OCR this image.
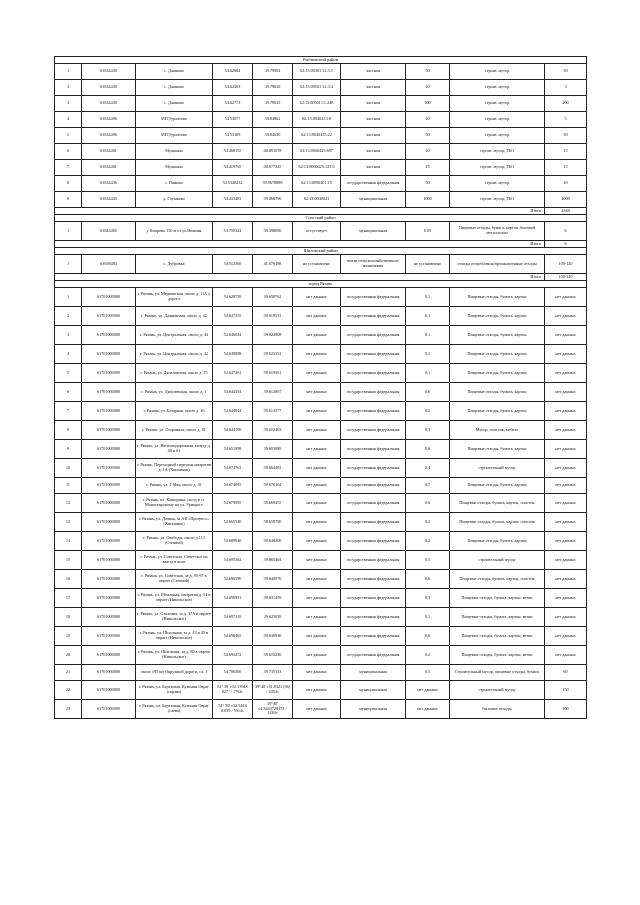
Рыбновский район									
1	61634430	с. Дашково	54.62602	39.79904	62:13:00301:12:5:1	частная	50	строит. мусор	50
2	61634430	с. Дашково	54.62463	39.79630	62:13:00501:12:3:4	частная	20	строит. мусор	3
3	61634430	с. Дашково	54.62773	39.79635	62:13:00501:11:248	частная	300	строит. мусор	200
4	61634496	МП Турлатово	54.53077	39.84862	62:13:0040413:8	частная	20	строит. мусор	5
5	61634496	МП Турлатово	54.53109	39.84630	62:13:0040415:22	частная	50	строит. мусор	50
6	61634401	Мушкино	54.468355	40.081078	62:13:0060425:697	частная	20	строит. мусор, ТБО	15
7	61634401	Мушкино	54.419765	40.677345	62:13:0060425:123 0	частная	25	строит. мусор, ТБО	15
8	61634436	с. Панино	54.5340232	39.9678889	62:13:0090401:19	государственная федеральная	50	строит. мусор	10
9	61634445	д. Глушково	54.433483	39.866796	62:13:0040023	муниципальная	1000	строит. мусор, ТБО	4000
Итого									4348
Спасский район									
1	61644465	у Кипрово 150 м от ул.Нижняя	53.759324	39.398096	отсутствует	муниципальная	0.05	Пищевые отходы, бумага, картон, бытовой металлолом	6
Итого									6
Шиловский район									
1	61658484	с. Дубровка	54.512360	41.076188	не установлено	земли сельскохозяйственного назначения	не установлено	отходы потребления/промышленные отходы	100-120
Итого									100-120
город Рязань									
1	61701000000	г. Рязань, ул. Мервинская, около д. 11А у дорога	54.628759	39.658762	нет данных	государственная федеральная	0,1	Пищевые отходы, бумага, картон	нет данных
2	61701000000	г. Рязань, ул. Дачниковая, около д. 42	54.647355	39.619533	нет данных	государственная федеральная	0,1	Пищевые отходы, бумага, картон	нет данных
3	61701000000	г. Рязань, ул. Центральная, около д. 44	54.646634	39.622808	нет данных	государственная федеральная	0,1	Пищевые отходы, бумага, картон	нет данных
4	61701000000	г. Рязань, ул. Центральная, около д. 42	54.649098	39.623152	нет данных	государственная федеральная	0,1	Пищевые отходы, бумага, картон	нет данных
5	61701000000	г. Рязань, ул. Дягилевская, около д. 75	54.647261	39.619501	нет данных	государственная федеральная	0,1	Пищевые отходы, бумага, картон	нет данных
6	61701000000	г. Рязань, ул. Дягилевская, около д. 1	54.644354	39.612867	нет данных	государственная федеральная	0,6	Пищевые отходы, бумага, картон	нет данных
7	61701000000	г. Рязань, ул. Базарная, около д. 16	54.644844	39.614377	нет данных	государственная федеральная	0,2	Пищевые отходы, бумага, картон	нет данных
8	61701000000	г. Рязань, ул. Старанная, около д. 81	54.644196	39.612403	нет данных	государственная федеральная	0,3	Мусор, пластик, мебель	нет данных
9	61701000000	г. Рязань, ул. Железнодорожная, между д. 46 и 61	54.651998	39.603089	нет данных	государственная федеральная	0,6	Пищевые отходы, бумага, картон	нет данных
10	61701000000	г. Рязань, Переходный переулок,напротив д. 1А (Хиппинко)	54.672763	39.664493	нет данных	государственная федеральная	0,4	строительный мусор	нет данных
11	61701000000	г. Рязань, ул. 1 Мая, около д. 41	54.674095	39.670104	нет данных	государственная федеральная	0,7	Пищевые отходы, бумага, картон	нет данных
12	61701000000	г. Рязань, пл. Каширина, съезд в ст. Монастырскому на ул. Урицкого	54.679095	39.669455	нет данных	государственная федеральная	0,6	Пищевые отходы, бумага, картон, пластик	нет данных
13	61701000000	г. Рязань, ул. Дачная, за АК «Прогресс» (Хиппинко)	54.665340	39.659790	нет данных	государственная федеральная	0,2	Пищевые отходы, бумага, картон, пластик	нет данных
14	61701000000	г. Рязань, ул. Свободы, около д.113 (Степной)	54.689940	39.648200	нет данных	государственная федеральная	0,2	Пищевые отходы, бумага, картон	нет данных
15	61701000000	г. Рязань, ул. Советская, Советское на выезд в поле	54.695362	39.865464	нет данных	государственная федеральная	0,5	строительный мусор	нет данных
16	61701000000	г. Рязань, ул. Советская, за д. 95-97 в овраге (Степной)	54.696590	39.640076	нет данных	государственная федеральная	0,6	Пищевые отходы, бумага, картон, пластик	нет данных
17	61701000000	г. Рязань, ул. Шпальная, напротив д. 54 в овраге (Никольское)	54.696951	39.631459	нет данных	государственная федеральная	0,3	Пищевые отходы, бумага, картон, ветки	нет данных
18	61701000000	г. Рязань, ул. Ольховая, за д. 37А в овраге (Никольское)	54.697119	39.625039	нет данных	государственная федеральная	0,1	Пищевые отходы, бумага, картон, ветки	нет данных
19	61701000000	г. Рязань, ул. Шпальная, за д. 43 и 45 в овраге (Никольское)	54.696465	39.630930	нет данных	государственная федеральная	0,6	Пищевые отходы, бумага, картон, ветки	нет данных
20	61701000000	г. Рязань, ул. Шпальная, за д. 80 в овраге (Никольское)	54.693472	39.616236	нет данных	государственная федеральная	0,2	Пищевые отходы, бумага, картон, ветки	нет данных
21	61701000000	около 195 км Окружной дороги, сл. 1	54.706560	39.735133	нет данных	муниципальная	0,5	Строительный мусор, пищевые отходы, бумага	60
22	61701000000	г. Рязань, ул. Березовая, Кузьмин Овраг (справа)	54° 39' с32.1394S 827 "/ 1763с	39°40' с31.0321 [06] / 2454с	нет данных	муниципальная	нет данных	строительный мусор	150
23	61701000000	г. Рязань, ул. Березовая, Кузьмин Овраг (слева)	54° 39' с32.5444 0.039 / 5914с	39°40' с4.3443728173 / 1284с	нет данных	муниципальная	нет данных	бытовые отходы	100
